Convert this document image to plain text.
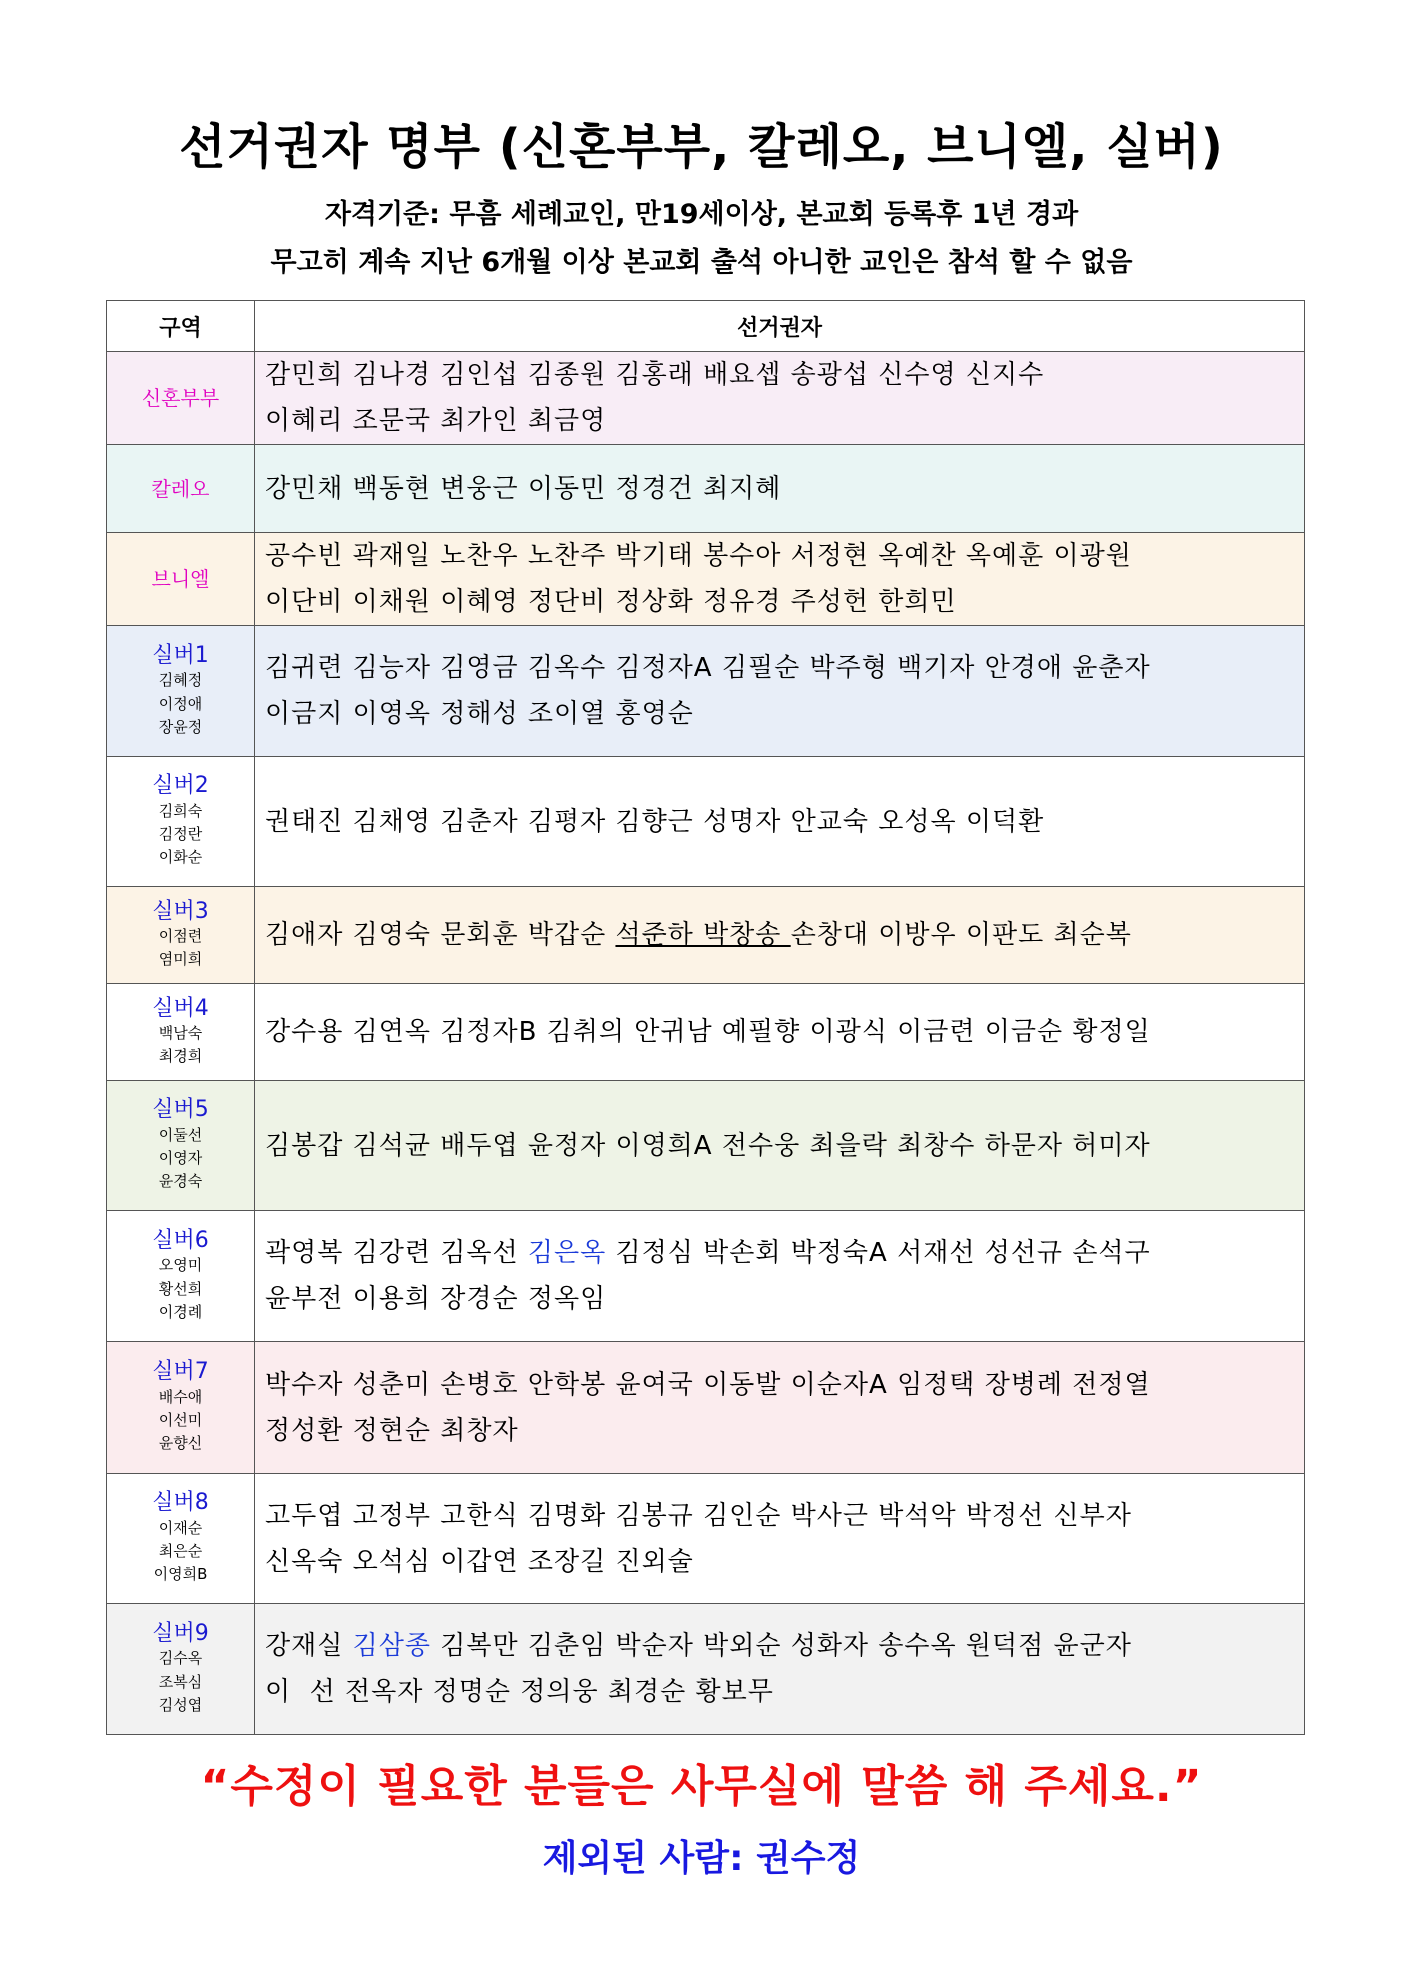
선거권자 명부 (신혼부부, 칼레오, 브니엘, 실버)
자격기준: 무흠 세례교인, 만19세이상, 본교회 등록후 1년 경과
무고히 계속 지난 6개월 이상 본교회 출석 아니한 교인은 참석 할 수 없음
구역	선거권자
신혼부부	감민희 김나경 김인섭 김종원 김홍래 배요셉 송광섭 신수영 신지수
이혜리 조문국 최가인 최금영

칼레오	강민채 백동현 변웅근 이동민 정경건 최지혜

브니엘	공수빈 곽재일 노찬우 노찬주 박기태 봉수아 서정현 옥예찬 옥예훈 이광원
이단비 이채원 이혜영 정단비 정상화 정유경 주성헌 한희민

실버1
김혜정
이정애
장윤정	김귀련 김능자 김영금 김옥수 김정자A 김필순 박주형 백기자 안경애 윤춘자
이금지 이영옥 정해성 조이열 홍영순

실버2
김희숙
김정란
이화순	권태진 김채영 김춘자 김평자 김향근 성명자 안교숙 오성옥 이덕환

실버3
이점련
염미희	김애자 김영숙 문회훈 박갑순 석준하 박창송 손창대 이방우 이판도 최순복

실버4
백남숙
최경희	강수용 김연옥 김정자B 김취의 안귀남 예필향 이광식 이금련 이금순 황정일

실버5
이둘선
이영자
윤경숙	김봉갑 김석균 배두엽 윤정자 이영희A 전수웅 최을락 최창수 하문자 허미자

실버6
오영미
황선희
이경례	곽영복 김강련 김옥선 김은옥 김정심 박손회 박정숙A 서재선 성선규 손석구
윤부전 이용희 장경순 정옥임

실버7
배수애
이선미
윤향신	박수자 성춘미 손병호 안학봉 윤여국 이동발 이순자A 임정택 장병례 전정열
정성환 정현순 최창자

실버8
이재순
최은순
이영희B	고두엽 고정부 고한식 김명화 김봉규 김인순 박사근 박석악 박정선 신부자
신옥숙 오석심 이갑연 조장길 진외술

실버9
김수옥
조복심
김성엽	강재실 김삼종 김복만 김춘임 박순자 박외순 성화자 송수옥 원덕점 윤군자
이  선 전옥자 정명순 정의웅 최경순 황보무
“수정이 필요한 분들은 사무실에 말씀 해 주세요.”
제외된 사람: 권수정
